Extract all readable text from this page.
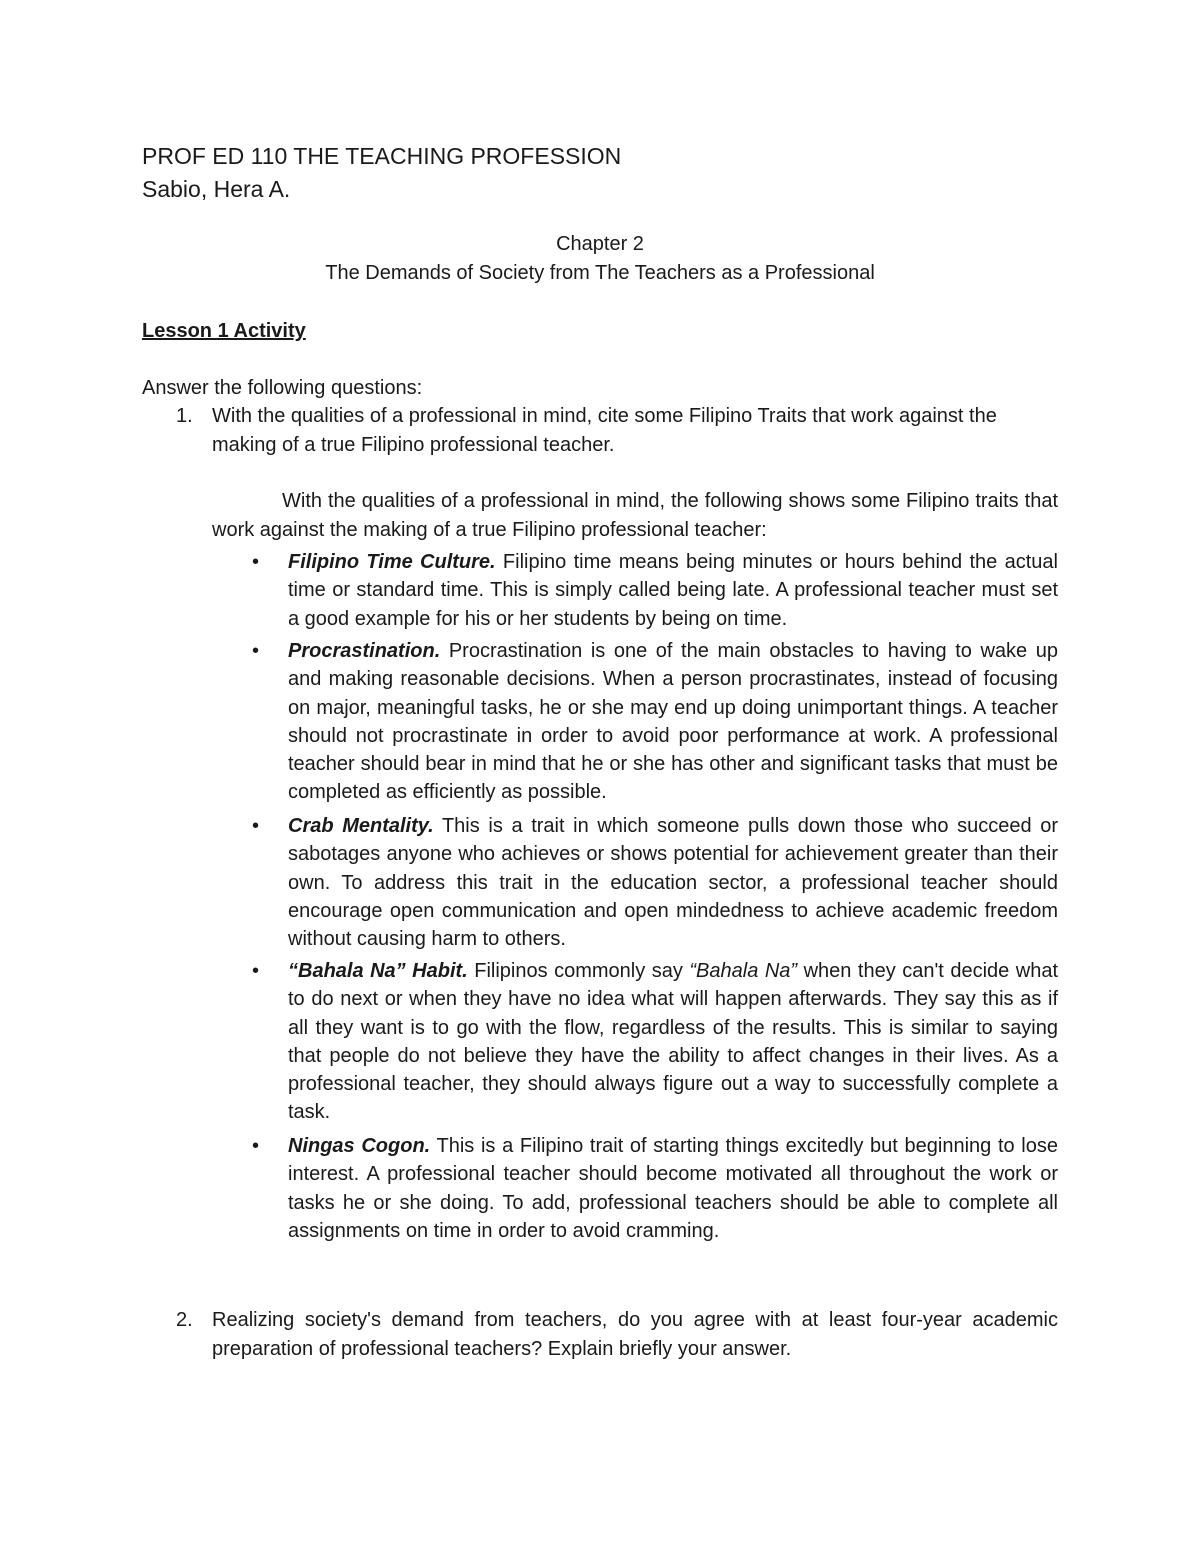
PROF ED 110 THE TEACHING PROFESSION
Sabio, Hera A.
Chapter 2
The Demands of Society from The Teachers as a Professional
Lesson 1 Activity

Answer the following questions:

1. With the qualities of a professional in mind, cite some Filipino Traits that work against the making of a true Filipino professional teacher.

With the qualities of a professional in mind, the following shows some Filipino traits that work against the making of a true Filipino professional teacher:

•	Filipino Time Culture. Filipino time means being minutes or hours behind the actual time or standard time. This is simply called being late. A professional teacher must set a good example for his or her students by being on time.
•	Procrastination. Procrastination is one of the main obstacles to having to wake up and making reasonable decisions. When a person procrastinates, instead of focusing on major, meaningful tasks, he or she may end up doing unimportant things. A teacher should not procrastinate in order to avoid poor performance at work. A professional teacher should bear in mind that he or she has other and significant tasks that must be completed as efficiently as possible.
•	Crab Mentality. This is a trait in which someone pulls down those who succeed or sabotages anyone who achieves or shows potential for achievement greater than their own. To address this trait in the education sector, a professional teacher should encourage open communication and open mindedness to achieve academic freedom without causing harm to others.
•	“Bahala Na” Habit. Filipinos commonly say “Bahala Na” when they can't decide what to do next or when they have no idea what will happen afterwards. They say this as if all they want is to go with the flow, regardless of the results. This is similar to saying that people do not believe they have the ability to affect changes in their lives. As a professional teacher, they should always figure out a way to successfully complete a task.
•	Ningas Cogon. This is a Filipino trait of starting things excitedly but beginning to lose interest. A professional teacher should become motivated all throughout the work or tasks he or she doing. To add, professional teachers should be able to complete all assignments on time in order to avoid cramming.
2. Realizing society's demand from teachers, do you agree with at least four-year academic preparation of professional teachers? Explain briefly your answer.
